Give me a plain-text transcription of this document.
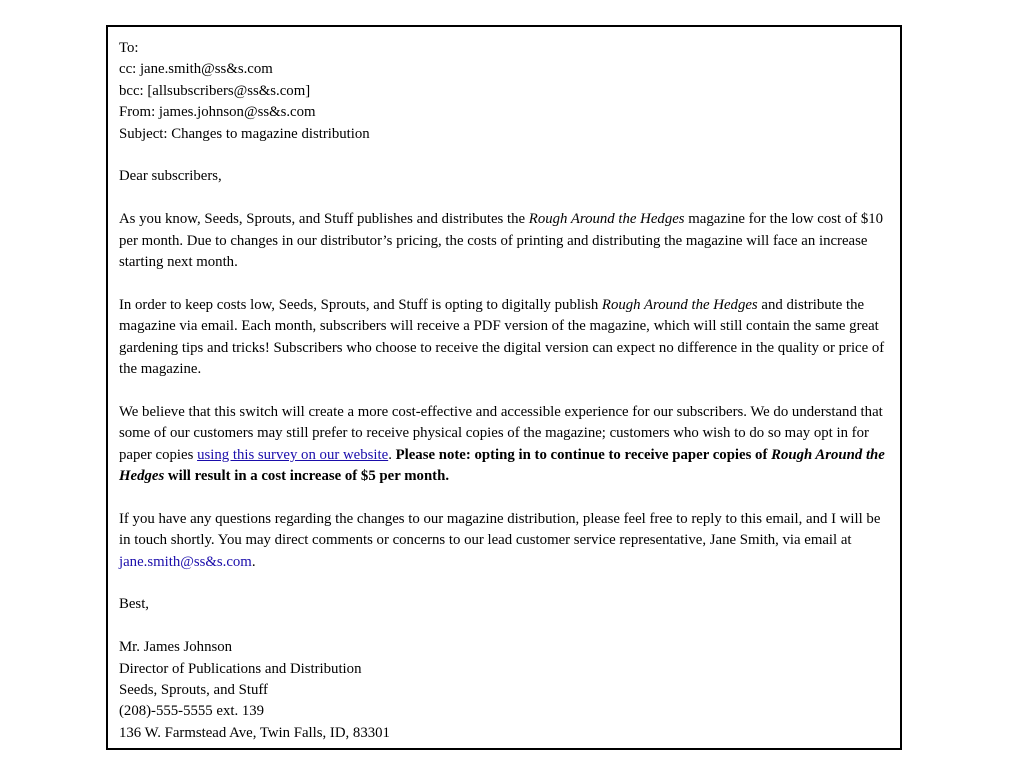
To:
cc: jane.smith@ss&s.com
bcc: [allsubscribers@ss&s.com]
From: james.johnson@ss&s.com
Subject: Changes to magazine distribution

Dear subscribers,

As you know, Seeds, Sprouts, and Stuff publishes and distributes the Rough Around the Hedges magazine for the low cost of $10 per month. Due to changes in our distributor’s pricing, the costs of printing and distributing the magazine will face an increase starting next month.

In order to keep costs low, Seeds, Sprouts, and Stuff is opting to digitally publish Rough Around the Hedges and distribute the magazine via email. Each month, subscribers will receive a PDF version of the magazine, which will still contain the same great gardening tips and tricks! Subscribers who choose to receive the digital version can expect no difference in the quality or price of the magazine.

We believe that this switch will create a more cost-effective and accessible experience for our subscribers. We do understand that some of our customers may still prefer to receive physical copies of the magazine; customers who wish to do so may opt in for paper copies using this survey on our website. Please note: opting in to continue to receive paper copies of Rough Around the Hedges will result in a cost increase of $5 per month.

If you have any questions regarding the changes to our magazine distribution, please feel free to reply to this email, and I will be in touch shortly. You may direct comments or concerns to our lead customer service representative, Jane Smith, via email at jane.smith@ss&s.com.

Best,

Mr. James Johnson
Director of Publications and Distribution
Seeds, Sprouts, and Stuff
(208)-555-5555 ext. 139
136 W. Farmstead Ave, Twin Falls, ID, 83301
